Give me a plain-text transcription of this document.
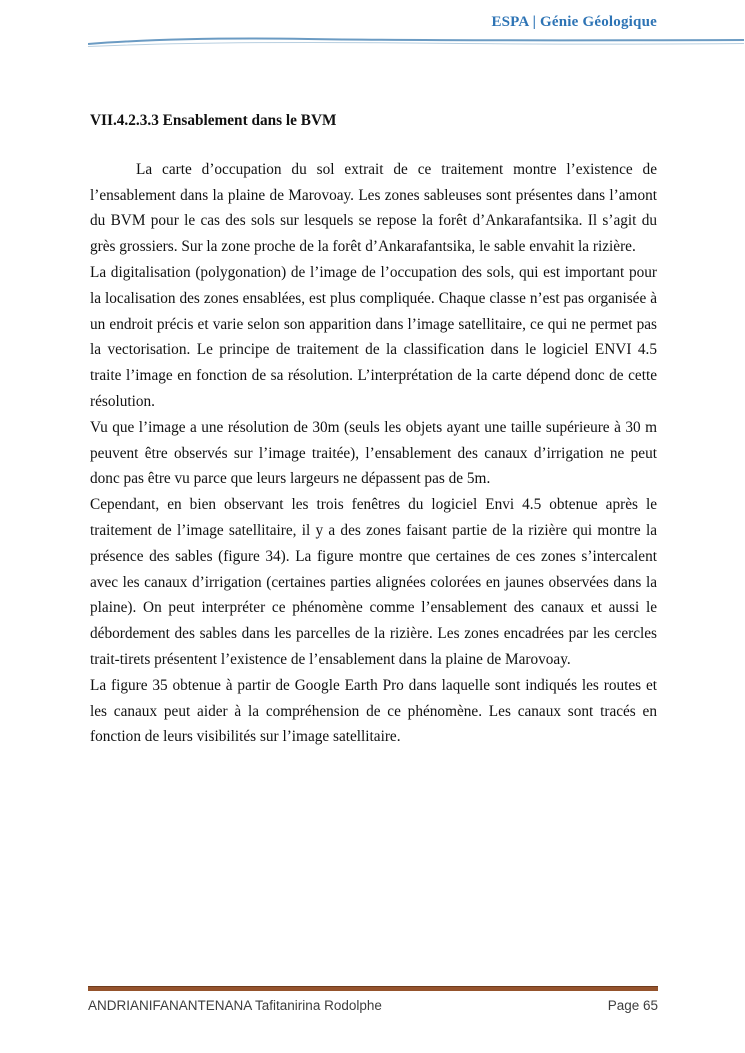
ESPA | Génie Géologique
VII.4.2.3.3 Ensablement dans le BVM

La carte d’occupation du sol extrait de ce traitement montre l’existence de l’ensablement dans la plaine de Marovoay. Les zones sableuses sont présentes dans l’amont du BVM pour le cas des sols sur lesquels se repose la forêt d’Ankarafantsika. Il s’agit du grès grossiers. Sur la zone proche de la forêt d’Ankarafantsika, le sable envahit la rizière.

La digitalisation (polygonation) de l’image de l’occupation des sols, qui est important pour la localisation des zones ensablées, est plus compliquée. Chaque classe n’est pas organisée à un endroit précis et varie selon son apparition dans l’image satellitaire, ce qui ne permet pas la vectorisation. Le principe de traitement de la classification dans le logiciel ENVI 4.5 traite l’image en fonction de sa résolution. L’interprétation de la carte dépend donc de cette résolution.

Vu que l’image a une résolution de 30m (seuls les objets ayant une taille supérieure à 30 m peuvent être observés sur l’image traitée), l’ensablement des canaux d’irrigation ne peut donc pas être vu parce que leurs largeurs ne dépassent pas de 5m.

Cependant, en bien observant les trois fenêtres du logiciel Envi 4.5 obtenue après le traitement de l’image satellitaire, il y a des zones faisant partie de la rizière qui montre la présence des sables (figure 34). La figure montre que certaines de ces zones s’intercalent avec les canaux d’irrigation (certaines parties alignées colorées en jaunes observées dans la plaine). On peut interpréter ce phénomène comme l’ensablement des canaux et aussi le débordement des sables dans les parcelles de la rizière. Les zones encadrées par les cercles trait-tirets présentent l’existence de l’ensablement dans la plaine de Marovoay.

La figure 35 obtenue à partir de Google Earth Pro dans laquelle sont indiqués les routes et les canaux peut aider à la compréhension de ce phénomène. Les canaux sont tracés en fonction de leurs visibilités sur l’image satellitaire.

ANDRIANIFANANTENANA Tafitanirina Rodolphe	Page 65
